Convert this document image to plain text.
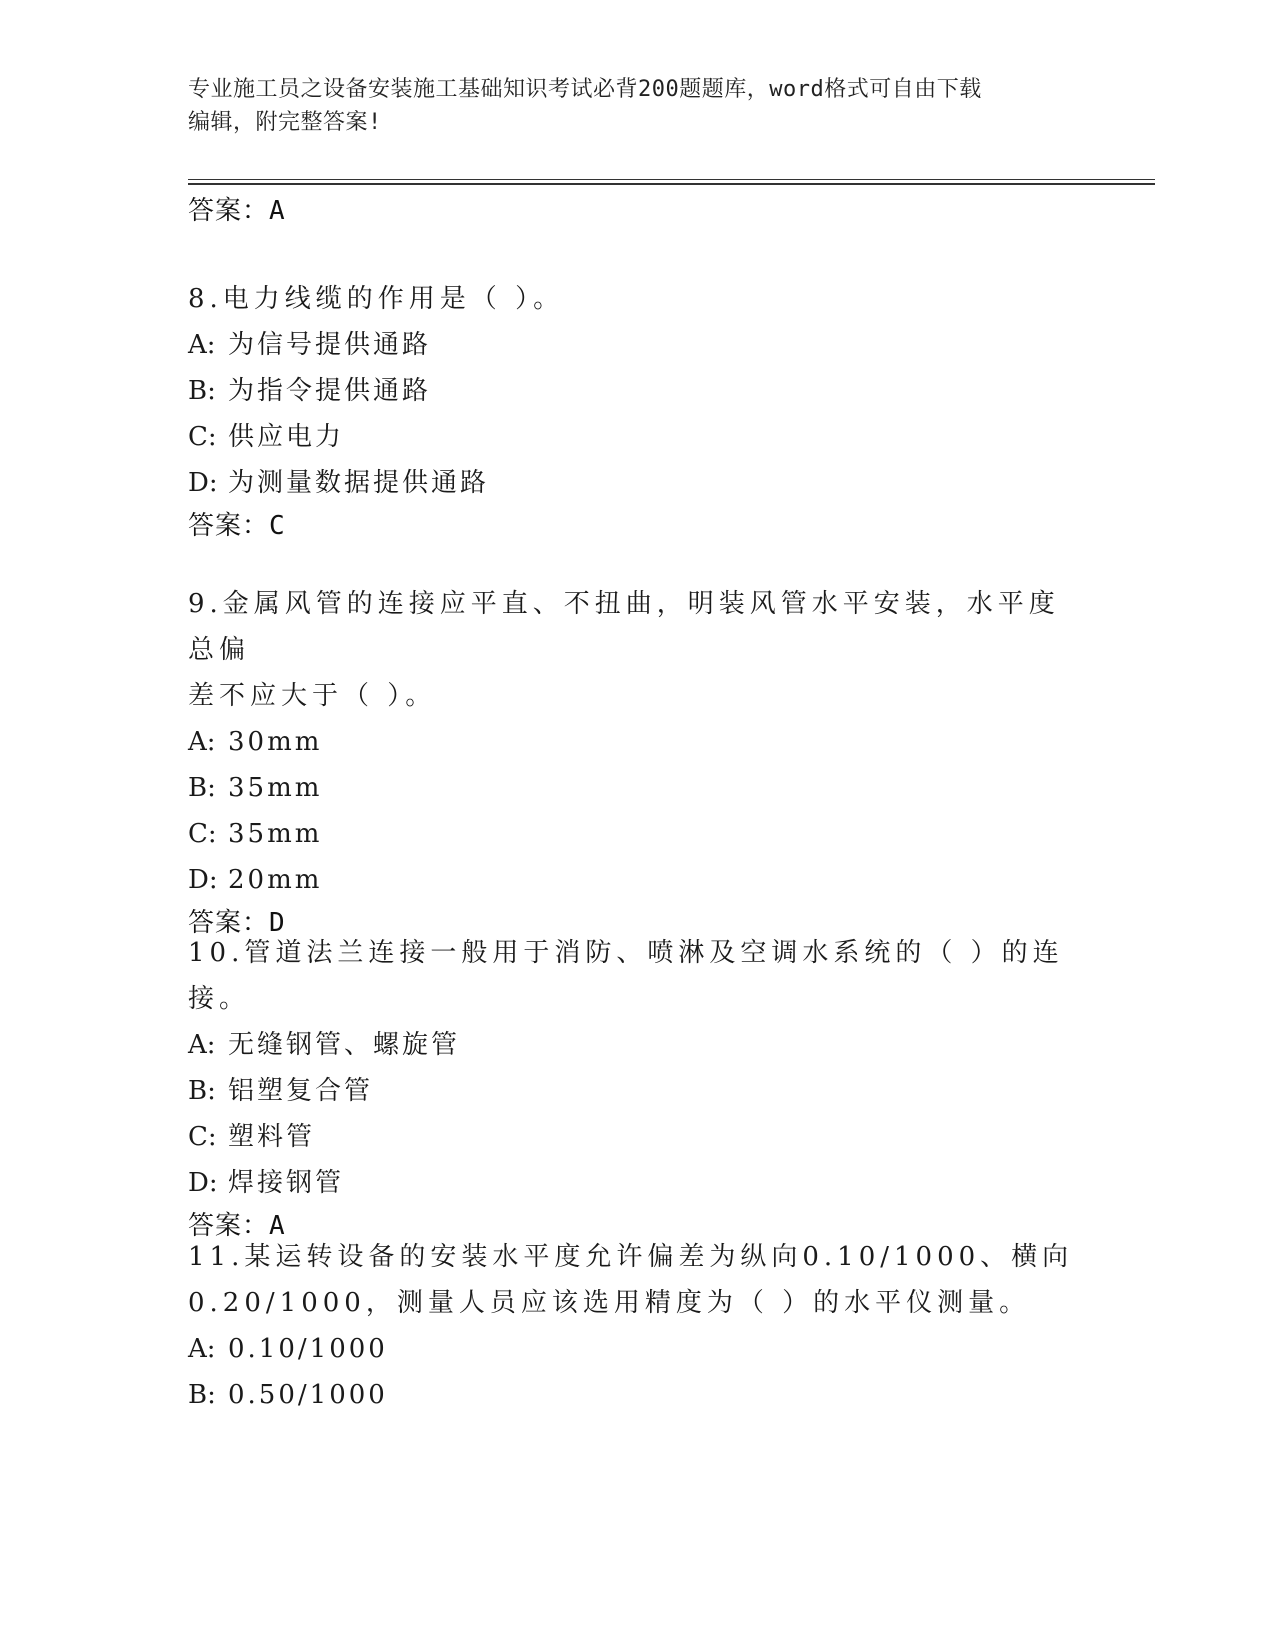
专业施工员之设备安装施工基础知识考试必背200题题库，word格式可自由下载
编辑，附完整答案!
答案：A
8.电力线缆的作用是（ ）。
A: 为信号提供通路
B: 为指令提供通路
C: 供应电力
D: 为测量数据提供通路
答案：C
9.金属风管的连接应平直、不扭曲，明装风管水平安装，水平度总偏
差不应大于（ ）。
A: 30mm
B: 35mm
C: 35mm
D: 20mm
答案：D
10.管道法兰连接一般用于消防、喷淋及空调水系统的（ ）的连接。
A: 无缝钢管、螺旋管
B: 铝塑复合管
C: 塑料管
D: 焊接钢管
答案：A
11.某运转设备的安装水平度允许偏差为纵向0.10/1000、横向
0.20/1000，测量人员应该选用精度为（ ）的水平仪测量。
A: 0.10/1000
B: 0.50/1000
